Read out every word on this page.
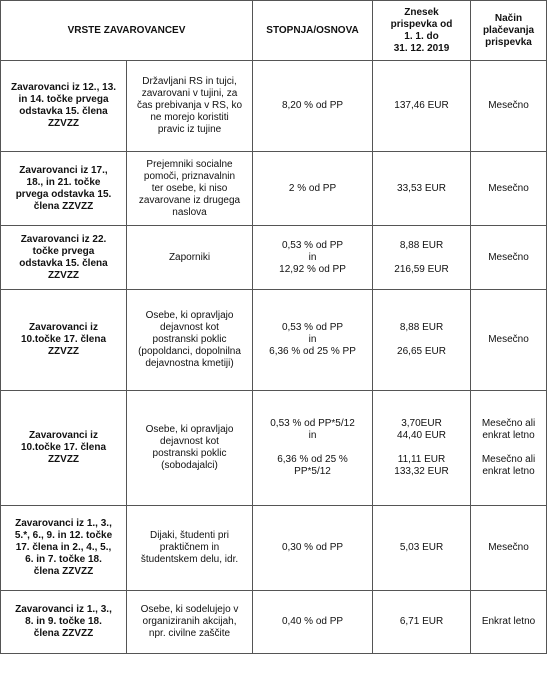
VRSTE ZAVAROVANCEV		STOPNJA/OSNOVA	Znesek
prispevka od
1. 1. do
31. 12. 2019	Način
plačevanja
prispevka

Zavarovanci iz 12., 13.
in 14. točke prvega
odstavka 15. člena
ZZVZZ	Državljani RS in tujci,
zavarovani v tujini, za
čas prebivanja v RS, ko
ne morejo koristiti
pravic iz tujine	8,20 % od PP	137,46 EUR	Mesečno

Zavarovanci iz 17.,
18., in 21. točke
prvega odstavka 15.
člena ZZVZZ	Prejemniki socialne
pomoči, priznavalnin
ter osebe, ki niso
zavarovane iz drugega
naslova	2 % od PP	33,53 EUR	Mesečno

Zavarovanci iz 22.
točke prvega
odstavka 15. člena
ZZVZZ	Zaporniki	0,53 % od PP
in
12,92 % od PP	8,88 EUR
216,59 EUR	Mesečno

Zavarovanci iz
10.točke 17. člena
ZZVZZ	Osebe, ki opravljajo
dejavnost kot
postranski poklic
(popoldanci, dopolnilna
dejavnostna kmetiji)	0,53 % od PP
in
6,36 % od 25 % PP	8,88 EUR
26,65 EUR	Mesečno

Zavarovanci iz
10.točke 17. člena
ZZVZZ	Osebe, ki opravljajo
dejavnost kot
postranski poklic
(sobodajalci)	0,53 % od PP*5/12
in
6,36 % od 25 %
PP*5/12	3,70EUR
44,40 EUR
11,11 EUR
133,32 EUR	Mesečno ali
enkrat letno
Mesečno ali
enkrat letno

Zavarovanci iz 1., 3.,
5.*, 6., 9. in 12. točke
17. člena in 2., 4., 5.,
6. in 7. točke 18.
člena ZZVZZ	Dijaki, študenti pri
praktičnem in
študentskem delu, idr.	0,30 % od PP	5,03 EUR	Mesečno

Zavarovanci iz 1., 3.,
8. in 9. točke 18.
člena ZZVZZ	Osebe, ki sodelujejo v
organiziranih akcijah,
npr. civilne zaščite	0,40 % od PP	6,71 EUR	Enkrat letno
